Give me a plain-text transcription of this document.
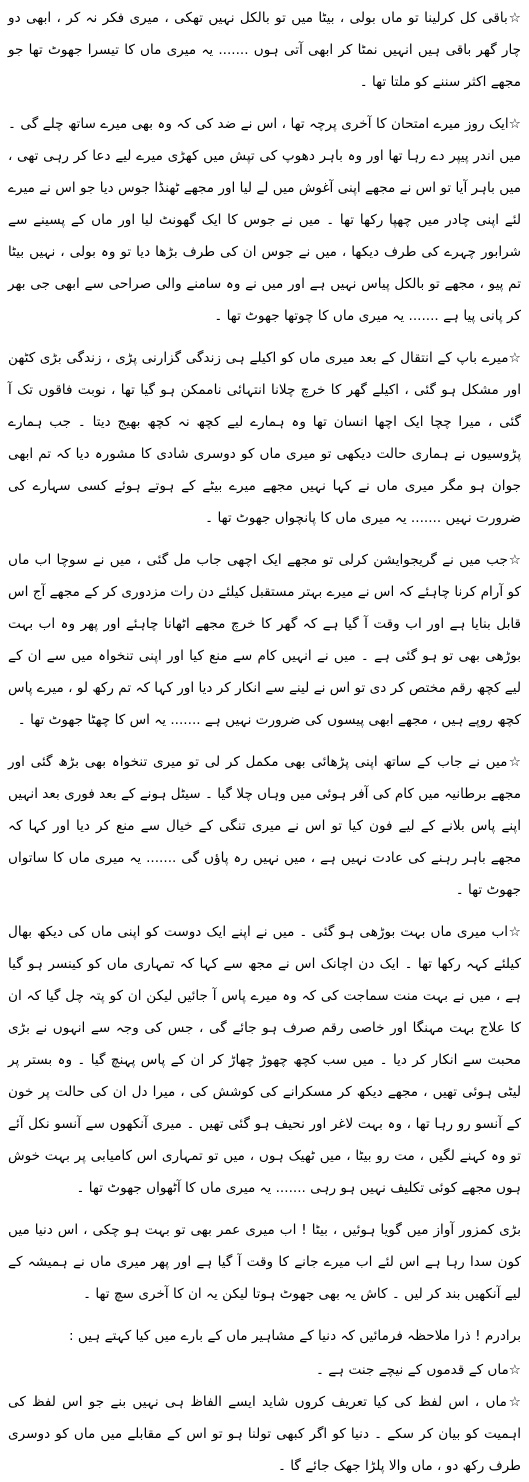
☆باقی کل کرلینا تو ماں بولی ، بیٹا میں تو بالکل نہیں تھکی ، میری فکر نہ کر ، ابھی دو چار گھر باقی ہیں انہیں نمٹا کر ابھی آتی ہوں ....... یہ میری ماں کا تیسرا جھوٹ تھا جو مجھے اکثر سننے کو ملتا تھا ۔

☆ایک روز میرے امتحان کا آخری پرچہ تھا ، اس نے ضد کی کہ وہ بھی میرے ساتھ چلے گی ۔ میں اندر پیپر دے رہا تھا اور وہ باہر دھوپ کی تپش میں کھڑی میرے لیے دعا کر رہی تھی ، میں باہر آیا تو اس نے مجھے اپنی آغوش میں لے لیا اور مجھے ٹھنڈا جوس دیا جو اس نے میرے لئے اپنی چادر میں چھپا رکھا تھا ۔ میں نے جوس کا ایک گھونٹ لیا اور ماں کے پسینے سے شرابور چہرے کی طرف دیکھا ، میں نے جوس ان کی طرف بڑھا دیا تو وہ بولی ، نہیں بیٹا تم پیو ، مجھے تو بالکل پیاس نہیں ہے اور میں نے وہ سامنے والی صراحی سے ابھی جی بھر کر پانی پیا ہے ....... یہ میری ماں کا چوتھا جھوٹ تھا ۔

☆میرے باپ کے انتقال کے بعد میری ماں کو اکیلے ہی زندگی گزارنی پڑی ، زندگی بڑی کٹھن اور مشکل ہو گئی ، اکیلے گھر کا خرچ چلانا انتہائی ناممکن ہو گیا تھا ، نوبت فاقوں تک آ گئی ، میرا چچا ایک اچھا انسان تھا وہ ہمارے لیے کچھ نہ کچھ بھیج دیتا ۔ جب ہمارے پڑوسیوں نے ہماری حالت دیکھی تو میری ماں کو دوسری شادی کا مشورہ دیا کہ تم ابھی جوان ہو مگر میری ماں نے کہا نہیں مجھے میرے بیٹے کے ہوتے ہوئے کسی سہارے کی ضرورت نہیں ....... یہ میری ماں کا پانچواں جھوٹ تھا ۔

☆جب میں نے گریجوایشن کرلی تو مجھے ایک اچھی جاب مل گئی ، میں نے سوچا اب ماں کو آرام کرنا چاہئے کہ اس نے میرے بہتر مستقبل کیلئے دن رات مزدوری کر کے مجھے آج اس قابل بنایا ہے اور اب وقت آ گیا ہے کہ گھر کا خرچ مجھے اٹھانا چاہئے اور پھر وہ اب بہت بوڑھی بھی تو ہو گئی ہے ۔ میں نے انہیں کام سے منع کیا اور اپنی تنخواہ میں سے ان کے لیے کچھ رقم مختص کر دی تو اس نے لینے سے انکار کر دیا اور کہا کہ تم رکھ لو ، میرے پاس کچھ روپے ہیں ، مجھے ابھی پیسوں کی ضرورت نہیں ہے ....... یہ اس کا چھٹا جھوٹ تھا ۔

☆میں نے جاب کے ساتھ اپنی پڑھائی بھی مکمل کر لی تو میری تنخواہ بھی بڑھ گئی اور مجھے برطانیہ میں کام کی آفر ہوئی میں وہاں چلا گیا ۔ سیٹل ہونے کے بعد فوری بعد انہیں اپنے پاس بلانے کے لیے فون کیا تو اس نے میری تنگی کے خیال سے منع کر دیا اور کہا کہ مجھے باہر رہنے کی عادت نہیں ہے ، میں نہیں رہ پاؤں گی ....... یہ میری ماں کا ساتواں جھوٹ تھا ۔

☆اب میری ماں بہت بوڑھی ہو گئی ۔ میں نے اپنے ایک دوست کو اپنی ماں کی دیکھ بھال کیلئے کہہ رکھا تھا ۔ ایک دن اچانک اس نے مجھ سے کہا کہ تمہاری ماں کو کینسر ہو گیا ہے ، میں نے بہت منت سماجت کی کہ وہ میرے پاس آ جائیں لیکن ان کو پتہ چل گیا کہ ان کا علاج بہت مہنگا اور خاصی رقم صرف ہو جائے گی ، جس کی وجہ سے انہوں نے بڑی محبت سے انکار کر دیا ۔ میں سب کچھ چھوڑ چھاڑ کر ان کے پاس پہنچ گیا ۔ وہ بستر پر لیٹی ہوئی تھیں ، مجھے دیکھ کر مسکرانے کی کوشش کی ، میرا دل ان کی حالت پر خون کے آنسو رو رہا تھا ، وہ بہت لاغر اور نحیف ہو گئی تھیں ۔ میری آنکھوں سے آنسو نکل آئے تو وہ کہنے لگیں ، مت رو بیٹا ، میں ٹھیک ہوں ، میں تو تمہاری اس کامیابی پر بہت خوش ہوں مجھے کوئی تکلیف نہیں ہو رہی ....... یہ میری ماں کا آٹھواں جھوٹ تھا ۔

بڑی کمزور آواز میں گویا ہوئیں ، بیٹا ! اب میری عمر بھی تو بہت ہو چکی ، اس دنیا میں کون سدا رہا ہے اس لئے اب میرے جانے کا وقت آ گیا ہے اور پھر میری ماں نے ہمیشہ کے لیے آنکھیں بند کر لیں ۔ کاش یہ بھی جھوٹ ہوتا لیکن یہ ان کا آخری سچ تھا ۔

برادرم ! ذرا ملاحظہ فرمائیں کہ دنیا کے مشاہیر ماں کے بارے میں کیا کہتے ہیں :

☆ماں کے قدموں کے نیچے جنت ہے ۔

☆ماں ، اس لفظ کی کیا تعریف کروں شاید ایسے الفاظ ہی نہیں بنے جو اس لفظ کی اہمیت کو بیان کر سکے ۔ دنیا کو اگر کبھی تولنا ہو تو اس کے مقابلے میں ماں کو دوسری طرف رکھ دو ، ماں والا پلڑا جھک جائے گا ۔
